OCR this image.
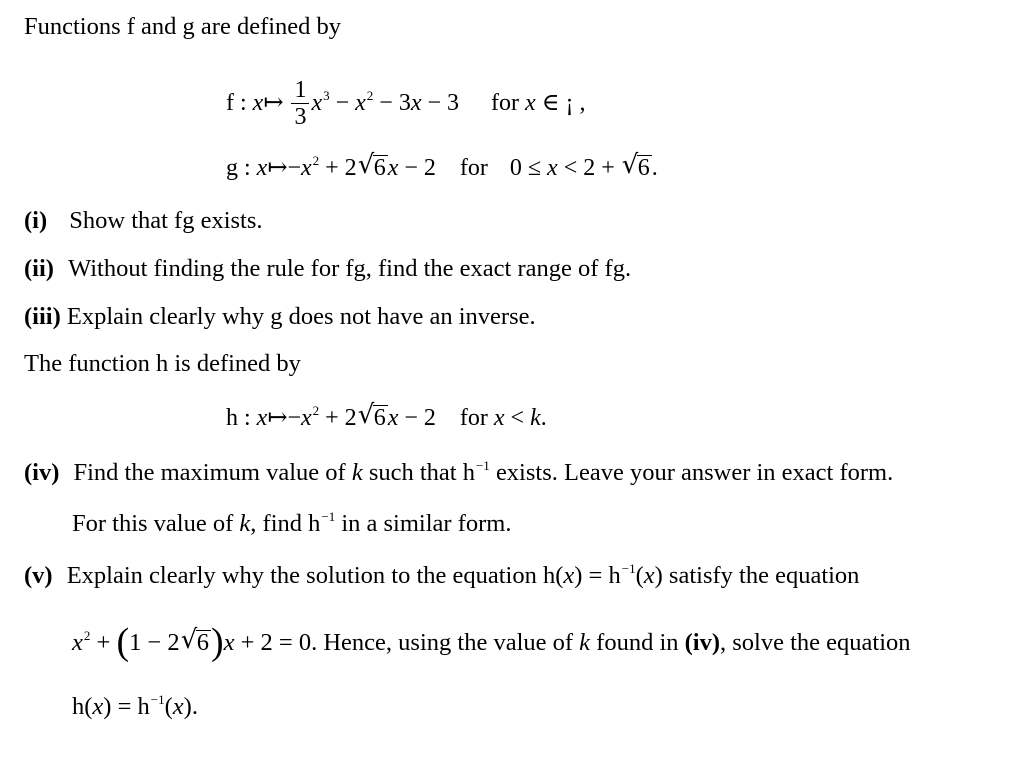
Functions f and g are defined by
f : x↦ $\frac{1}{3} x^3 - x^2 - 3x - 3$ for x ∈ ¡ ,
g : $x↦-x^2 + 2$ √ 6x − 2 for 0 ≤ x < 2 + √ 6.
(i) Show that fg exists.
(ii) Without finding the rule for fg, find the exact range of fg.
(iii) Explain clearly why g does not have an inverse.
The function h is defined by
h : $x↦-x^2 + 2$ √ 6x − 2 for x < k.
(iv) Find the maximum value of k such that $h^{-1}$ exists. Leave your answer in exact form.
For this value of k, find $h^{-1}$ in a similar form.
(v) Explain clearly why the solution to the equation $h(x) = h^{-1}(x)$ satisfy the equation
$x^2 + (1 - 2$ √ 6)x + 2 = 0. Hence, using the value of k found in (iv), solve the equation
$h(x) = h^{-1}(x)$.
